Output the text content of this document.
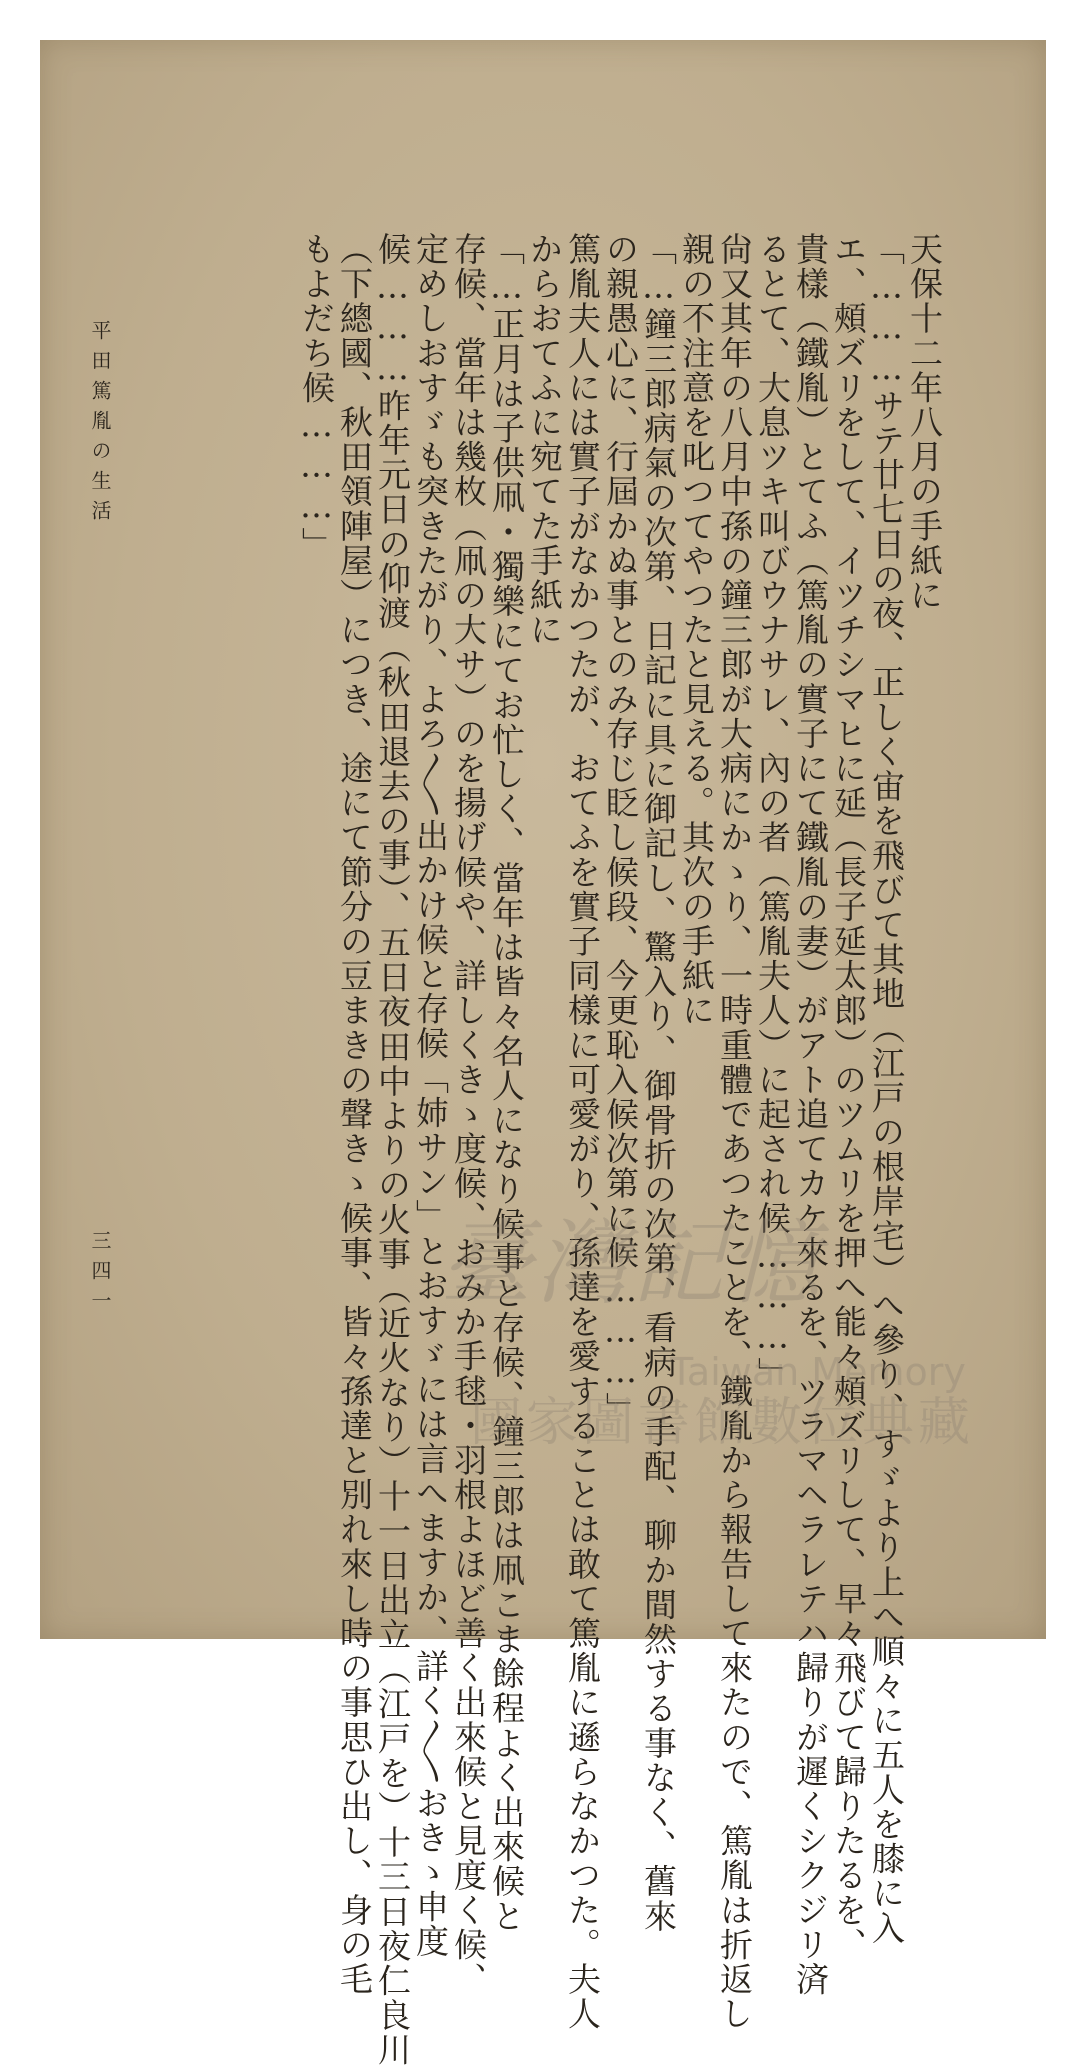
天保十二年八月の手紙に
「………サテ廿七日の夜、正しく宙を飛びて其地（江戸の根岸宅）へ參り、すゞより上へ順々に五人を膝に入
エ、頰ズリをして、イツチシマヒに延（長子延太郎）のツムリを押へ能々頰ズリして、早々飛びて歸りたるを、
貴樣（鐵胤）とてふ（篤胤の實子にて鐵胤の妻）がアト追てカケ來るを、ツラマヘラレテハ歸りが遲くシクジリ済
るとて、大息ツキ叫びウナサレ、內の者（篤胤夫人）に起され候………」
尙又其年の八月中孫の鐘三郎が大病にかゝり、一時重體であつたことを、鐵胤から報告して來たので、篤胤は折返し
親の不注意を叱つてやつたと見える。其次の手紙に
「…鐘三郎病氣の次第、日記に具に御記し、驚入り、御骨折の次第、看病の手配、聊か間然する事なく、舊來
の親愚心に、行屆かぬ事とのみ存じ眨し候段、今更恥入候次第に候………」
篤胤夫人には實子がなかつたが、おてふを實子同樣に可愛がり、孫達を愛することは敢て篤胤に遜らなかつた。夫人
からおてふに宛てた手紙に
「…正月は子供凧・獨樂にてお忙しく、當年は皆々名人になり候事と存候、鐘三郎は凧こま餘程よく出來候と
存候、當年は幾枚（凧の大サ）のを揚げ候や、詳しくきゝ度候、おみか手毬・羽根よほど善く出來候と見度く候、
定めしおすゞも突きたがり、よろ〳〵出かけ候と存候「姉サン」とおすゞには言へますか、詳く〳〵おきゝ申度
候………昨年元日の仰渡（秋田退去の事）、五日夜田中よりの火事（近火なり）十一日出立（江戸を）十三日夜仁良川
（下總國、秋田領陣屋）につき、途にて節分の豆まきの聲きゝ候事、皆々孫達と別れ來し時の事思ひ出し、身の毛
もよだち候………」
平田篤胤の生活
三四一	臺灣記憶
Taiwan Memory
國家圖書館數位典藏
